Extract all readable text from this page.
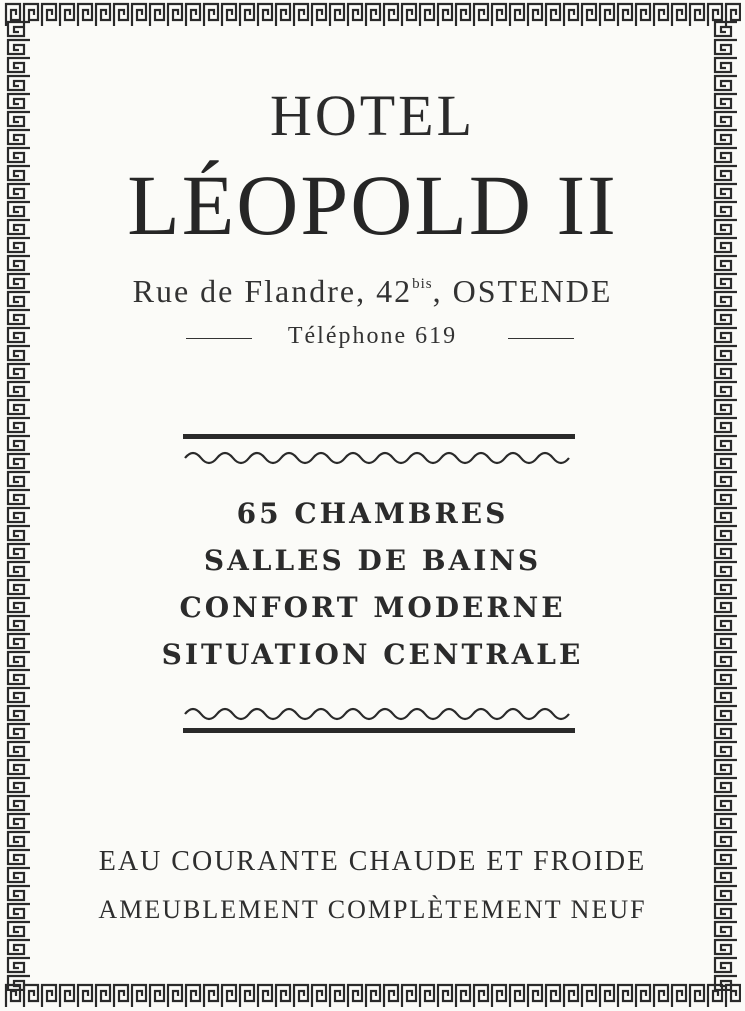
HOTEL
LÉOPOLD II
Rue de Flandre, $42^{bis}$, OSTENDE
Téléphone 619
65 CHAMBRES
SALLES DE BAINS
CONFORT MODERNE
SITUATION CENTRALE
EAU COURANTE CHAUDE ET FROIDE
AMEUBLEMENT COMPLÈTEMENT NEUF
